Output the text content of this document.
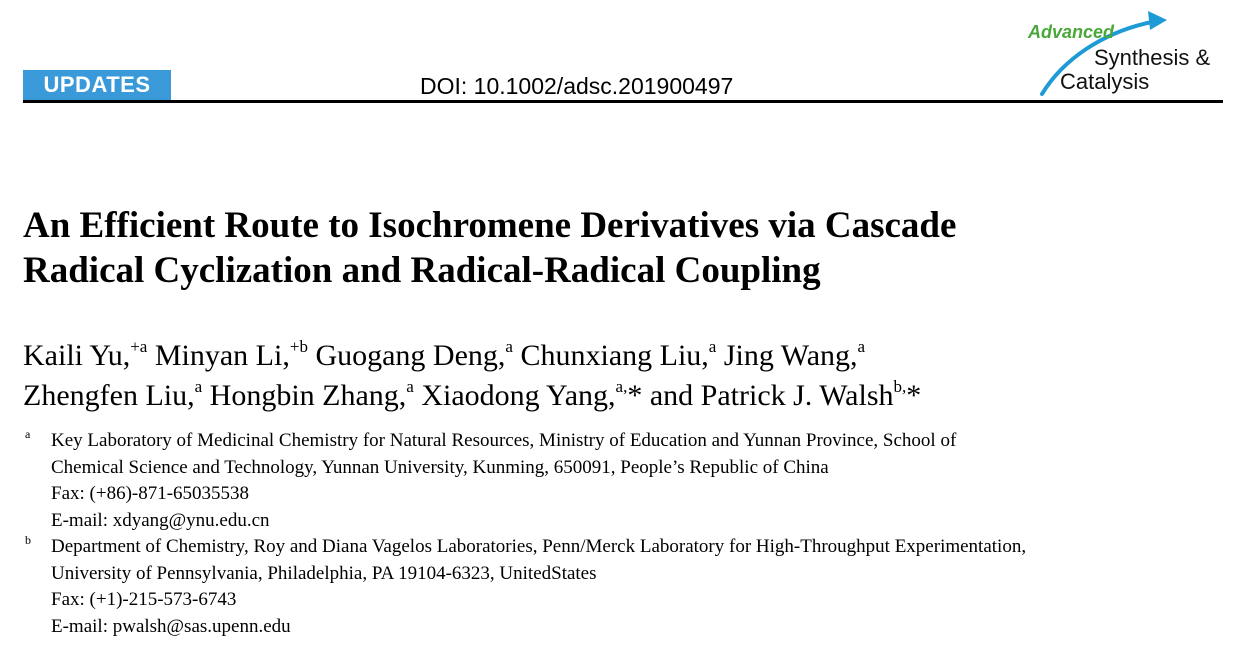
UPDATES	DOI: 10.1002/adsc.201900497
Advanced
Synthesis &
Catalysis
An Efficient Route to Isochromene Derivatives via Cascade
Radical Cyclization and Radical-Radical Coupling
Kaili Yu,$^{+a}$ Minyan Li,$^{+b}$ Guogang Deng,$^a$ Chunxiang Liu,$^a$ Jing Wang,$^a$
Zhengfen Liu,$^a$ Hongbin Zhang,$^a$ Xiaodong Yang,$^{a,}$* and Patrick J. Walsh$^{b,}$*
a Key Laboratory of Medicinal Chemistry for Natural Resources, Ministry of Education and Yunnan Province, School of
Chemical Science and Technology, Yunnan University, Kunming, 650091, People’s Republic of China
Fax: (+86)-871-65035538
E-mail: xdyang@ynu.edu.cn
b Department of Chemistry, Roy and Diana Vagelos Laboratories, Penn/Merck Laboratory for High-Throughput Experimentation,
University of Pennsylvania, Philadelphia, PA 19104-6323, UnitedStates
Fax: (+1)-215-573-6743
E-mail: pwalsh@sas.upenn.edu
